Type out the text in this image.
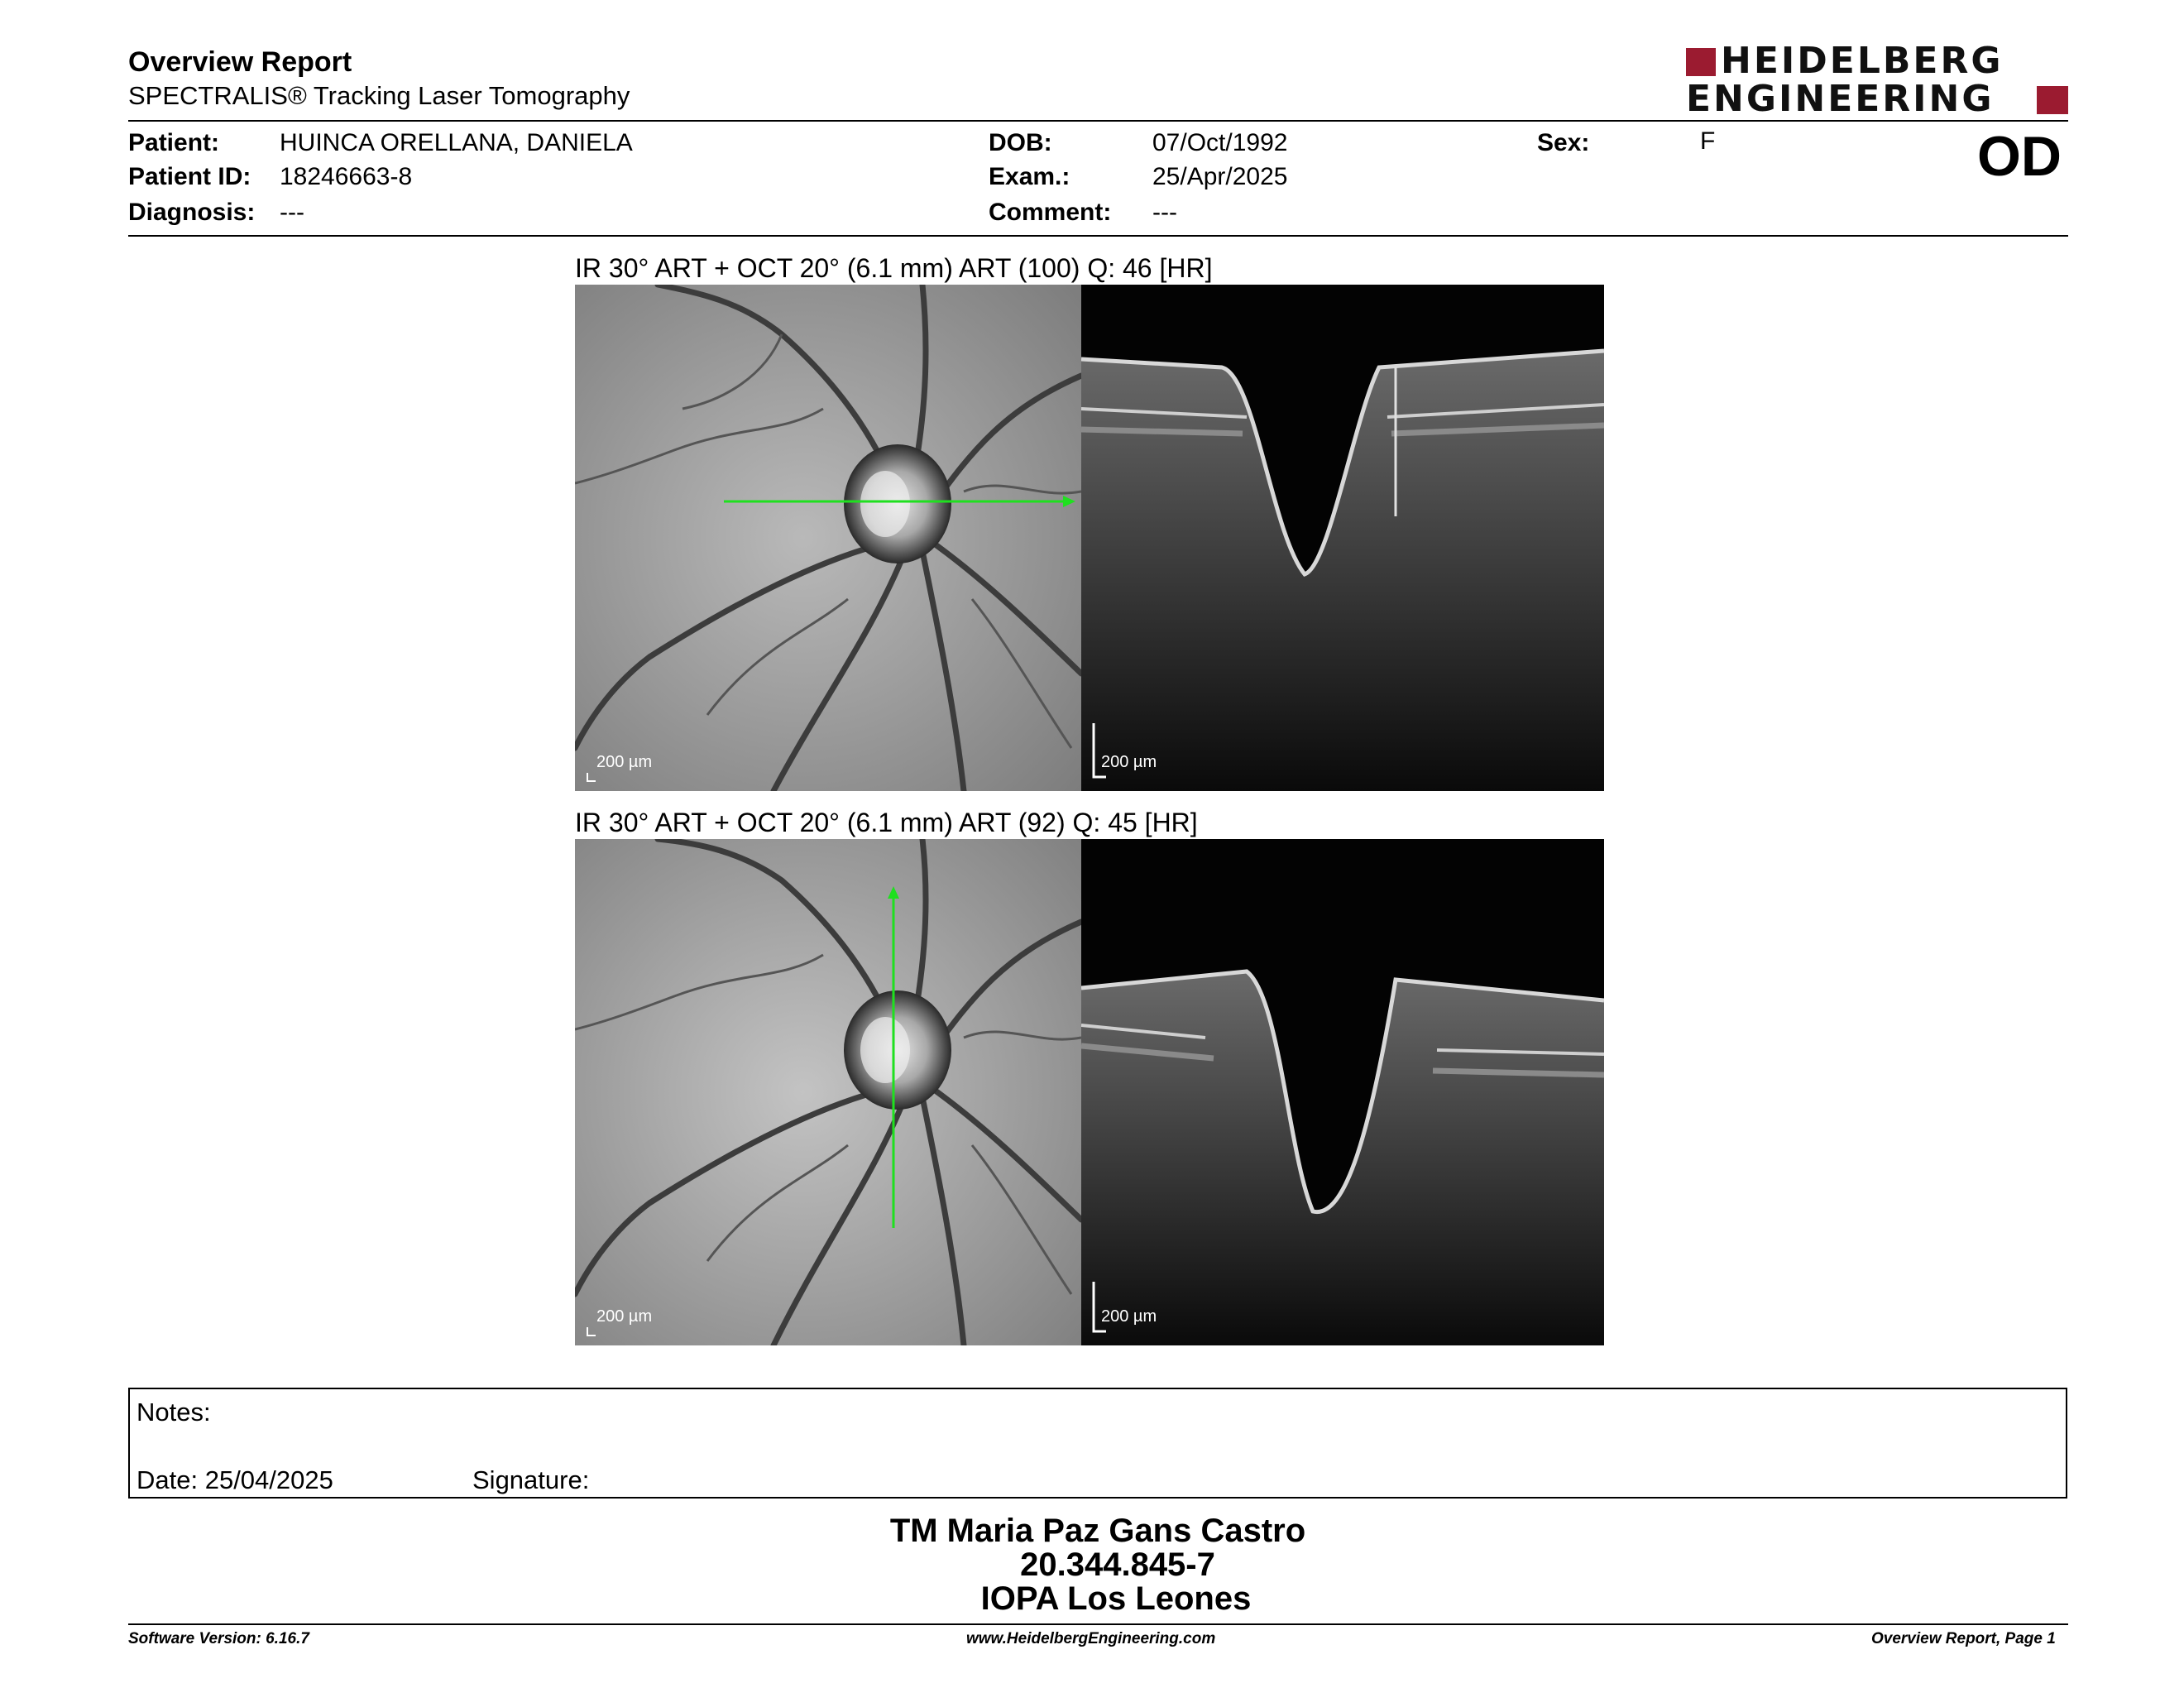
Overview Report
SPECTRALIS® Tracking Laser Tomography
HEIDELBERG
ENGINEERING
Patient: HUINCA ORELLANA, DANIELA
Patient ID: 18246663-8
Diagnosis: ---
DOB:	07/Oct/1992
Exam.:	25/Apr/2025
Comment: ---
Sex:	F	OD
IR 30° ART + OCT 20° (6.1 mm) ART (100) Q: 46 [HR]
200 µm	200 µm
IR 30° ART + OCT 20° (6.1 mm) ART (92) Q: 45 [HR]
200 µm	200 µm
Notes:
Date: 25/04/2025	Signature:
TM Maria Paz Gans Castro
20.344.845-7
IOPA Los Leones
Software Version: 6.16.7	www.HeidelbergEngineering.com	Overview Report, Page 1
